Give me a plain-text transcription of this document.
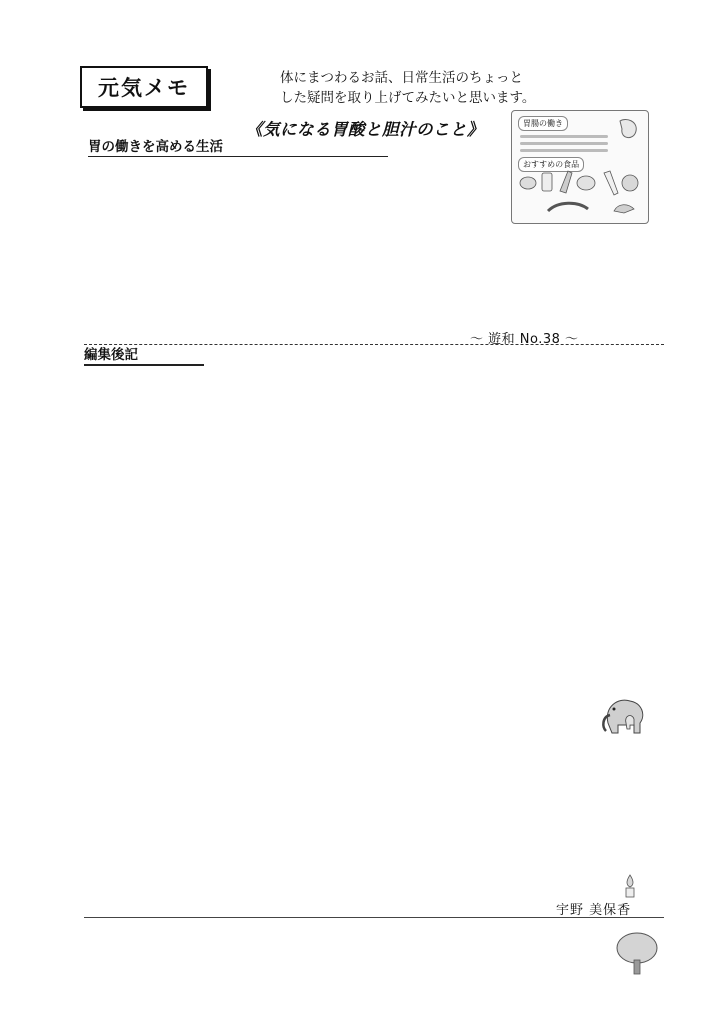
元気メモ	体にまつわるお話、日常生活のちょっと
した疑問を取り上げてみたいと思います。
《気になる胃酸と胆汁のこと》	胃腸の働き
おすすめの食品
胃の働きを高める生活
～ 遊和 No.38 ～
編集後記
宇野 美保香
